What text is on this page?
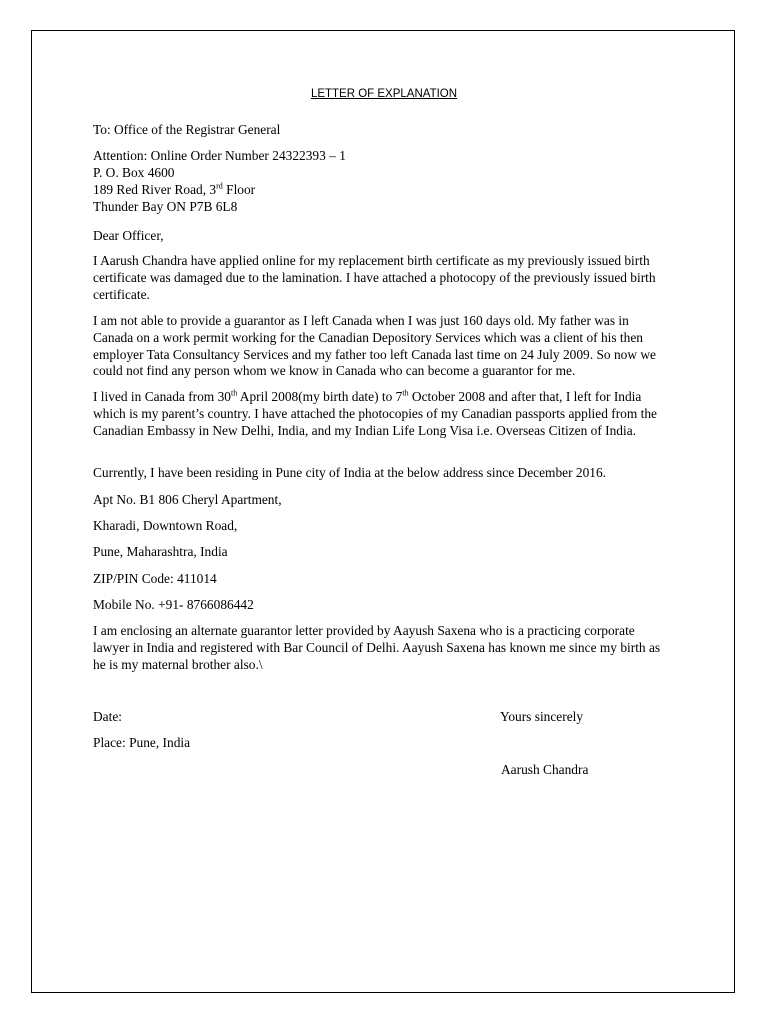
LETTER OF EXPLANATION
To: Office of the Registrar General
Attention: Online Order Number 24322393 – 1
P. O. Box 4600
189 Red River Road, 3rd Floor
Thunder Bay ON P7B 6L8
Dear Officer,
I Aarush Chandra have applied online for my replacement birth certificate as my previously issued birth certificate was damaged due to the lamination. I have attached a photocopy of the previously issued birth certificate.
I am not able to provide a guarantor as I left Canada when I was just 160 days old. My father was in Canada on a work permit working for the Canadian Depository Services which was a client of his then employer Tata Consultancy Services and my father too left Canada last time on 24 July 2009. So now we could not find any person whom we know in Canada who can become a guarantor for me.
I lived in Canada from 30th April 2008(my birth date) to 7th October 2008 and after that, I left for India which is my parent’s country. I have attached the photocopies of my Canadian passports applied from the Canadian Embassy in New Delhi, India, and my Indian Life Long Visa i.e. Overseas Citizen of India.
Currently, I have been residing in Pune city of India at the below address since December 2016.
Apt No. B1 806 Cheryl Apartment,
Kharadi, Downtown Road,
Pune, Maharashtra, India
ZIP/PIN Code: 411014
Mobile No. +91- 8766086442
I am enclosing an alternate guarantor letter provided by Aayush Saxena who is a practicing corporate lawyer in India and registered with Bar Council of Delhi. Aayush Saxena has known me since my birth as he is my maternal brother also.\
Date:	Yours sincerely
Place: Pune, India
Aarush Chandra
